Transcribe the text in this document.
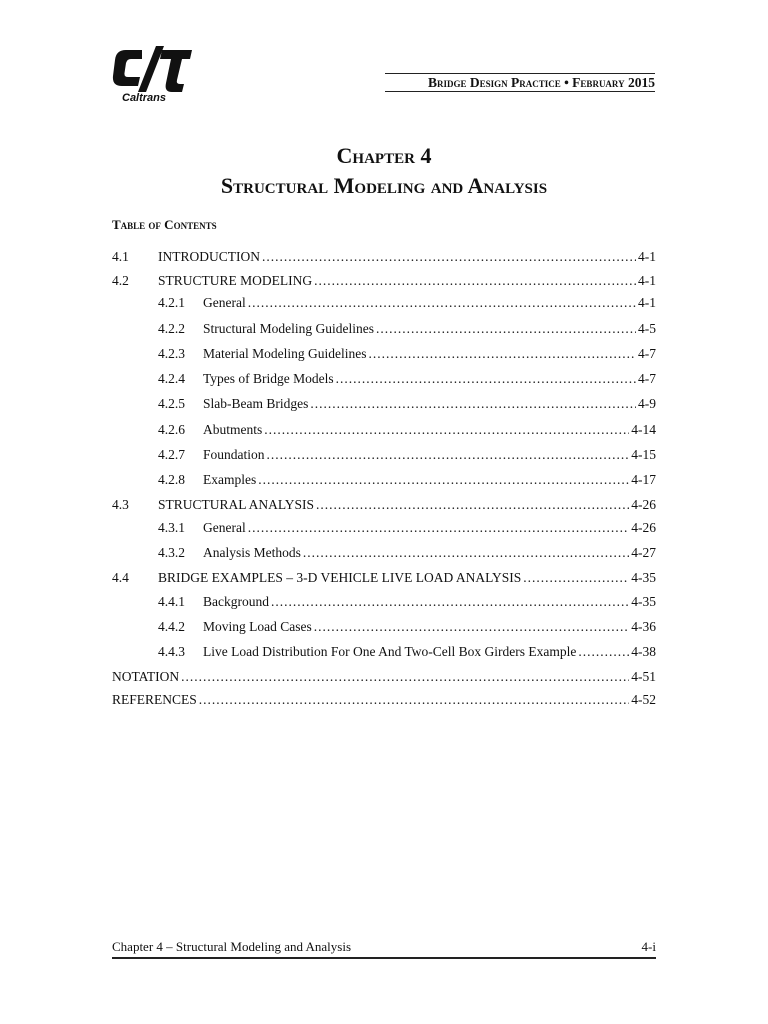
Caltrans
Bridge Design Practice • February 2015
Chapter 4
Structural Modeling and Analysis
Table of Contents
4.1	INTRODUCTION .....	4-1
4.2	STRUCTURE MODELING .....	4-1
4.2.1	General .....	4-1
4.2.2	Structural Modeling Guidelines .....	4-5
4.2.3	Material Modeling Guidelines .....	4-7
4.2.4	Types of Bridge Models .....	4-7
4.2.5	Slab-Beam Bridges .....	4-9
4.2.6	Abutments .....	4-14
4.2.7	Foundation .....	4-15
4.2.8	Examples .....	4-17
4.3	STRUCTURAL ANALYSIS .....	4-26
4.3.1	General .....	4-26
4.3.2	Analysis Methods .....	4-27
4.4	BRIDGE EXAMPLES – 3-D VEHICLE LIVE LOAD ANALYSIS .....	4-35
4.4.1	Background .....	4-35
4.4.2	Moving Load Cases .....	4-36
4.4.3	Live Load Distribution For One And Two-Cell Box Girders Example .....	4-38
NOTATION .....	4-51
REFERENCES .....	4-52
Chapter 4 – Structural Modeling and Analysis	4-i
